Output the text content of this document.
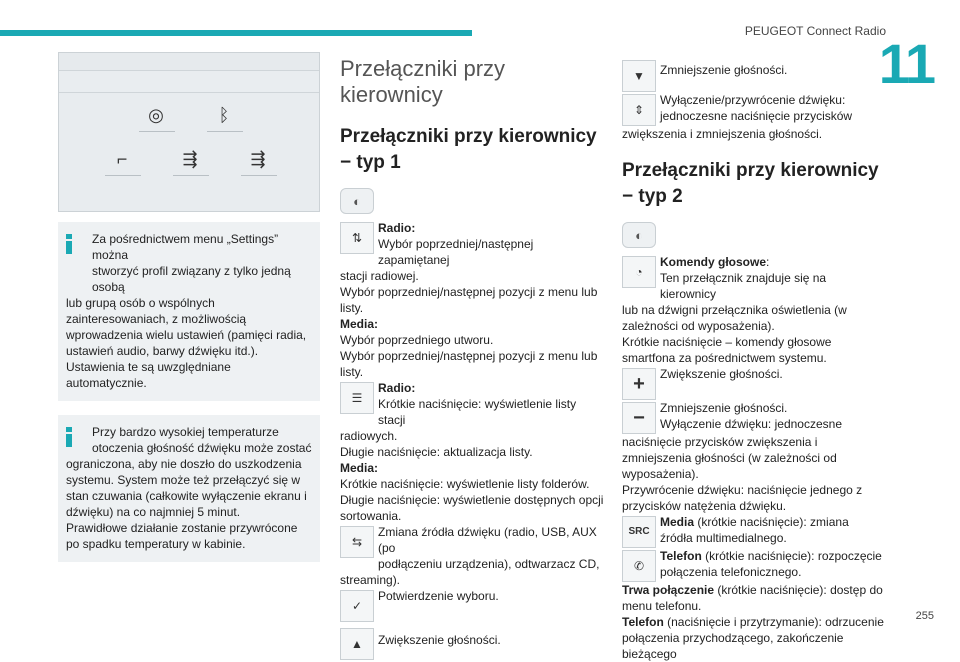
PEUGEOT Connect Radio
11
255
◎	ᛒ
⌐	⇶	⇶
Za pośrednictwem menu „Settings” można
stworzyć profil związany z tylko jedną osobą
lub grupą osób o wspólnych zainteresowaniach, z możliwością wprowadzenia wielu ustawień (pamięci radia, ustawień audio, barwy dźwięku itd.). Ustawienia te są uwzględniane automatycznie.
Przy bardzo wysokiej temperaturze
otoczenia głośność dźwięku może zostać
ograniczona, aby nie doszło do uszkodzenia systemu. System może też przełączyć się w stan czuwania (całkowite wyłączenie ekranu i dźwięku) na co najmniej 5 minut.
Prawidłowe działanie zostanie przywrócone po spadku temperatury w kabinie.
Przełączniki przy kierownicy
Przełączniki przy kierownicy − typ 1
◐
⇅
Radio:
Wybór poprzedniej/następnej zapamiętanej
stacji radiowej.
Wybór poprzedniej/następnej pozycji z menu lub listy.
Media:
Wybór poprzedniego utworu.
Wybór poprzedniej/następnej pozycji z menu lub listy.
☰
Radio:
Krótkie naciśnięcie: wyświetlenie listy stacji
radiowych.
Długie naciśnięcie: aktualizacja listy.
Media:
Krótkie naciśnięcie: wyświetlenie listy folderów.
Długie naciśnięcie: wyświetlenie dostępnych opcji sortowania.
⇆
Zmiana źródła dźwięku (radio, USB, AUX (po
podłączeniu urządzenia), odtwarzacz CD,
streaming).
✓
Potwierdzenie wyboru.
▲	Zwiększenie głośności.
▼	Zmniejszenie głośności.
⇕
Wyłączenie/przywrócenie dźwięku:
jednoczesne naciśnięcie przycisków
zwiększenia i zmniejszenia głośności.
Przełączniki przy kierownicy − typ 2
◐
◔
Komendy głosowe:
Ten przełącznik znajduje się na kierownicy
lub na dźwigni przełącznika oświetlenia (w zależności od wyposażenia).
Krótkie naciśnięcie – komendy głosowe smartfona za pośrednictwem systemu.
+	Zwiększenie głośności.
−	Zmniejszenie głośności.
Wyłączenie dźwięku: jednoczesne
naciśnięcie przycisków zwiększenia i zmniejszenia głośności (w zależności od wyposażenia).
Przywrócenie dźwięku: naciśnięcie jednego z przycisków natężenia dźwięku.
SRC
Media (krótkie naciśnięcie): zmiana źródła multimedialnego.
✆
Telefon (krótkie naciśnięcie): rozpoczęcie połączenia telefonicznego.
Trwa połączenie (krótkie naciśnięcie): dostęp do menu telefonu.
Telefon (naciśnięcie i przytrzymanie): odrzucenie połączenia przychodzącego, zakończenie bieżącego
